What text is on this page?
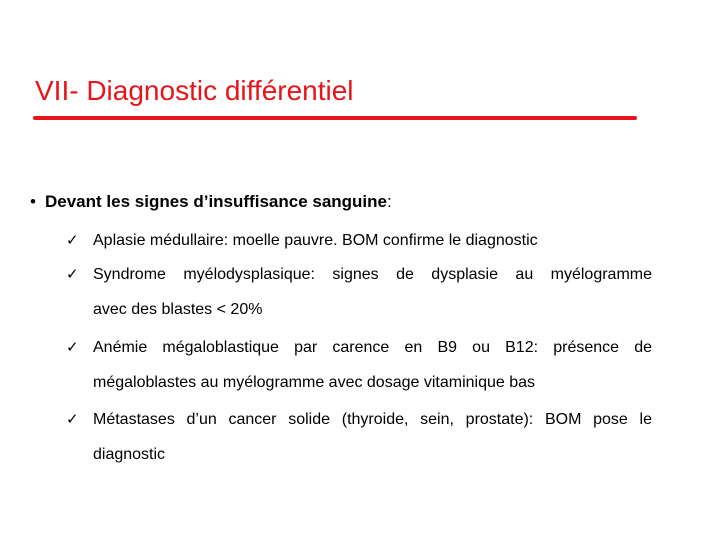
VII- Diagnostic différentiel
• Devant les signes d’insuffisance sanguine:
✓ Aplasie médullaire: moelle pauvre. BOM confirme le diagnostic
✓ Syndrome myélodysplasique: signes de dysplasie au myélogramme
avec des blastes < 20%
✓ Anémie mégaloblastique par carence en B9 ou B12: présence de
mégaloblastes au myélogramme avec dosage vitaminique bas
✓ Métastases d’un cancer solide (thyroide, sein, prostate): BOM pose le
diagnostic
